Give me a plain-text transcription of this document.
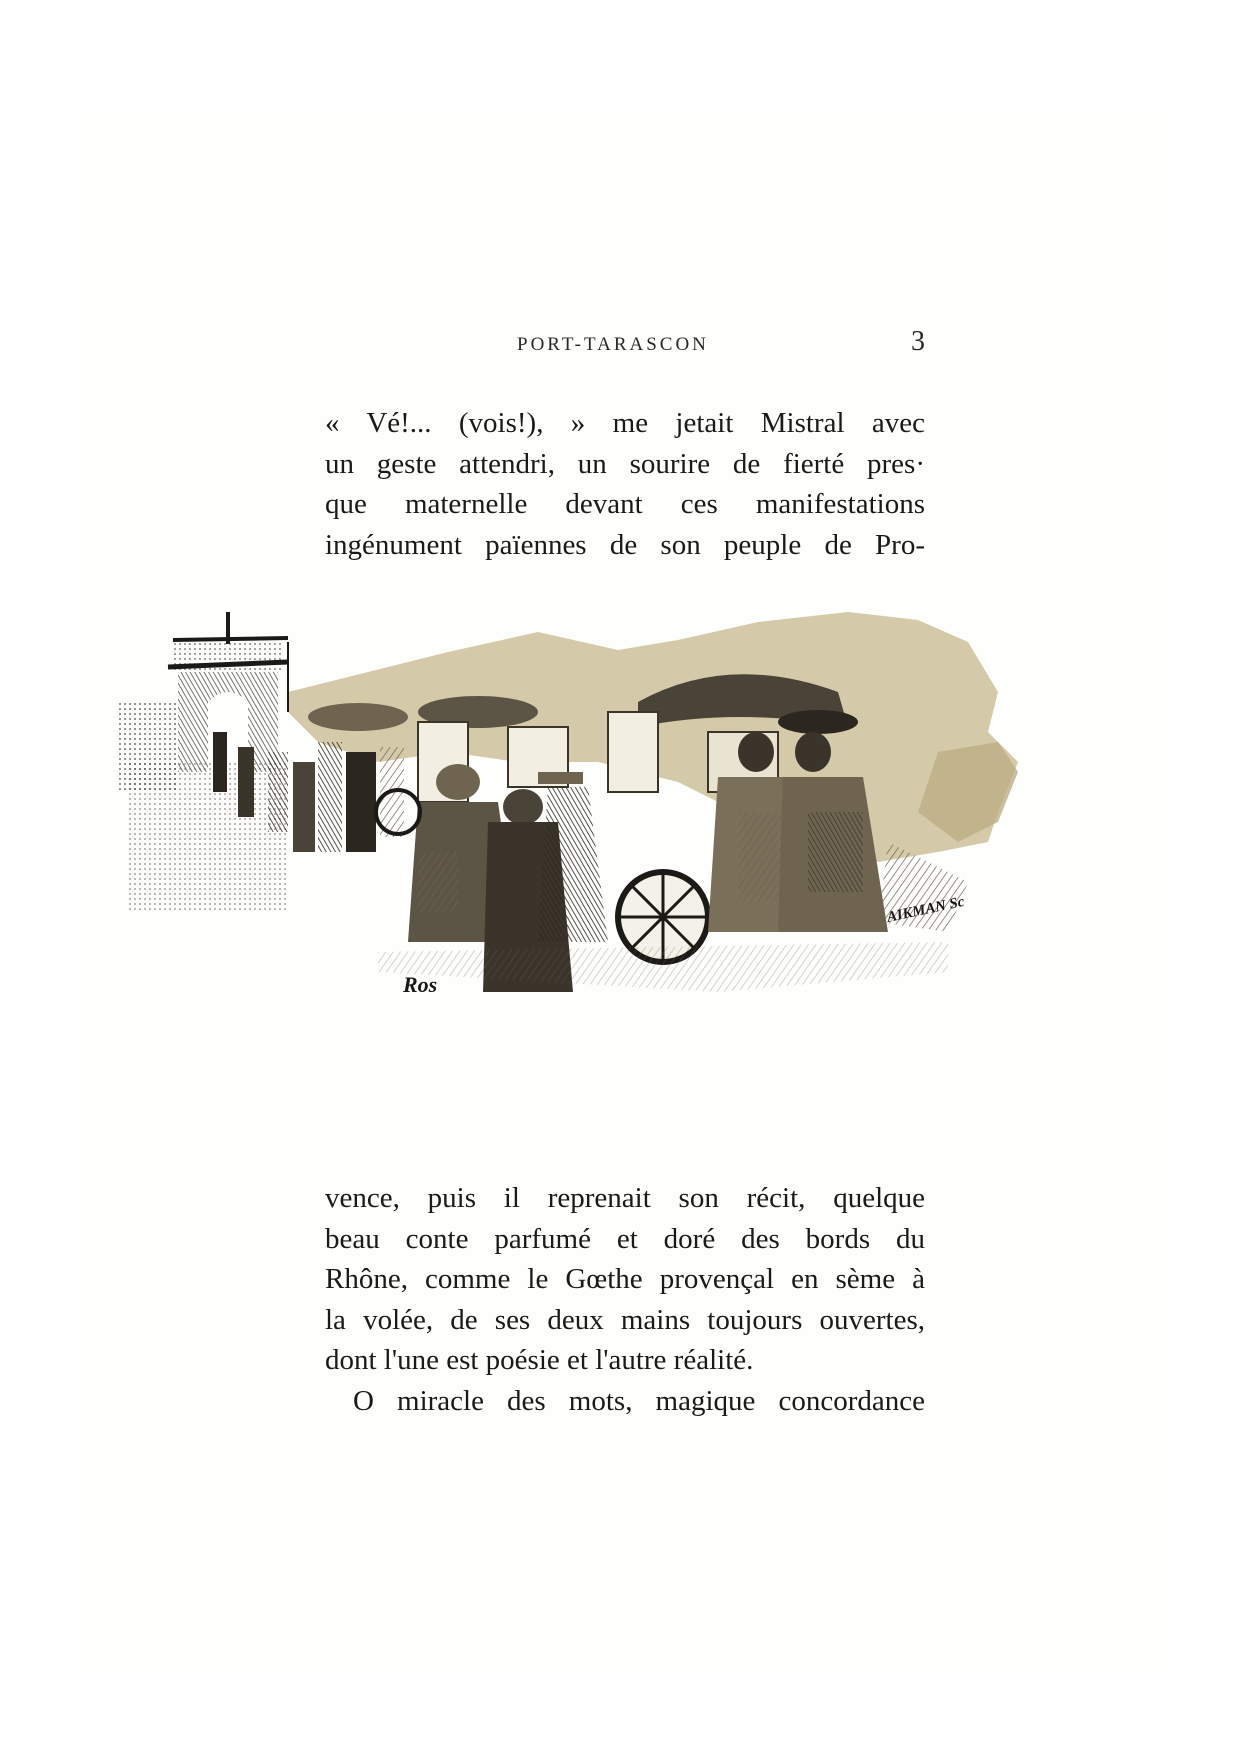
PORT-TARASCON	3
« Vé!... (vois!), » me jetait Mistral avec
un geste attendri, un sourire de fierté pres·
que maternelle devant ces manifestations
ingénument païennes de son peuple de Pro-
Ros
AIKMAN Sc
vence, puis il reprenait son récit, quelque
beau conte parfumé et doré des bords du
Rhône, comme le Gœthe provençal en sème à
la volée, de ses deux mains toujours ouvertes,
dont l'une est poésie et l'autre réalité.
O miracle des mots, magique concordance
